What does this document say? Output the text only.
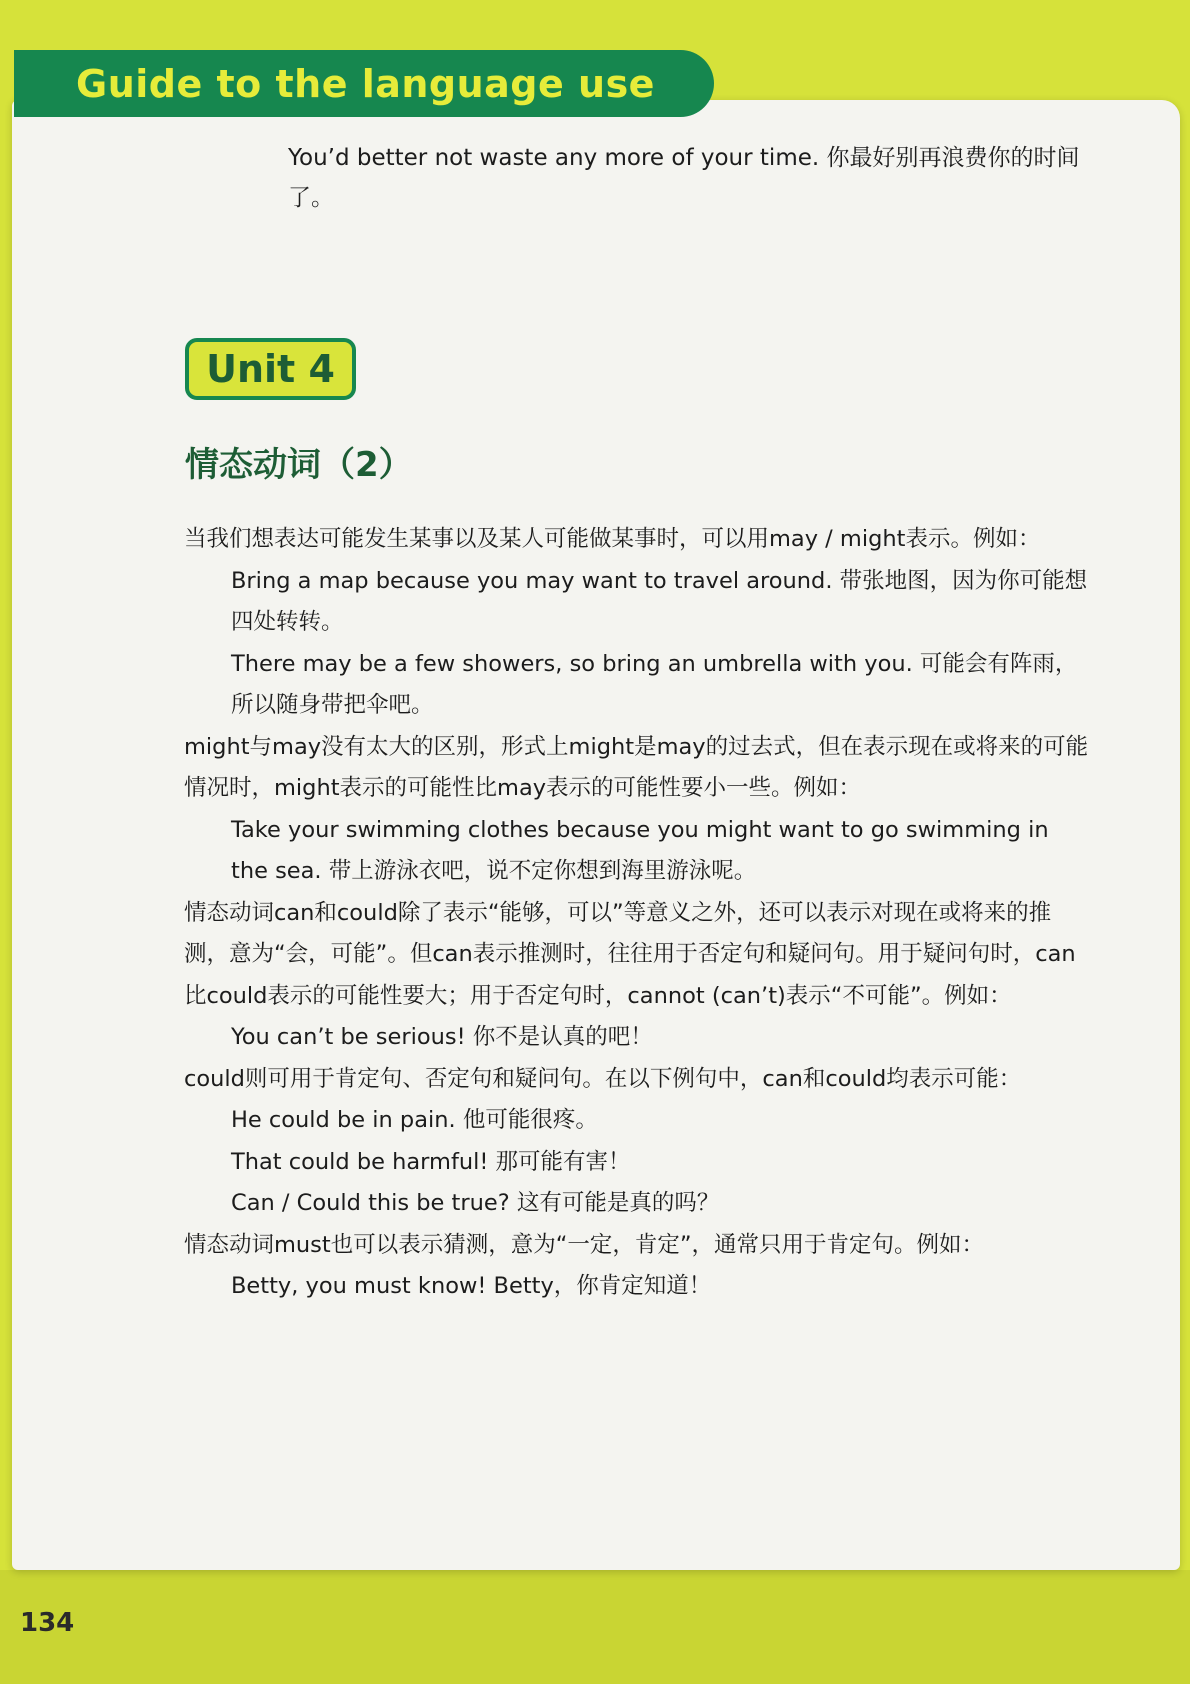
Guide to the language use

You’d better not waste any more of your time. 你最好别再浪费你的时间了。

Unit 4
情态动词（2）

当我们想表达可能发生某事以及某人可能做某事时，可以用may / might表示。例如：

Bring a map because you may want to travel around. 带张地图，因为你可能想四处转转。

There may be a few showers, so bring an umbrella with you. 可能会有阵雨，所以随身带把伞吧。

might与may没有太大的区别，形式上might是may的过去式，但在表示现在或将来的可能情况时，might表示的可能性比may表示的可能性要小一些。例如：

Take your swimming clothes because you might want to go swimming in the sea. 带上游泳衣吧，说不定你想到海里游泳呢。

情态动词can和could除了表示“能够，可以”等意义之外，还可以表示对现在或将来的推测，意为“会，可能”。但can表示推测时，往往用于否定句和疑问句。用于疑问句时，can比could表示的可能性要大；用于否定句时，cannot (can’t)表示“不可能”。例如：

You can’t be serious! 你不是认真的吧！

could则可用于肯定句、否定句和疑问句。在以下例句中，can和could均表示可能：

He could be in pain. 他可能很疼。

That could be harmful! 那可能有害！

Can / Could this be true? 这有可能是真的吗？

情态动词must也可以表示猜测，意为“一定，肯定”，通常只用于肯定句。例如：

Betty, you must know! Betty，你肯定知道！

134
